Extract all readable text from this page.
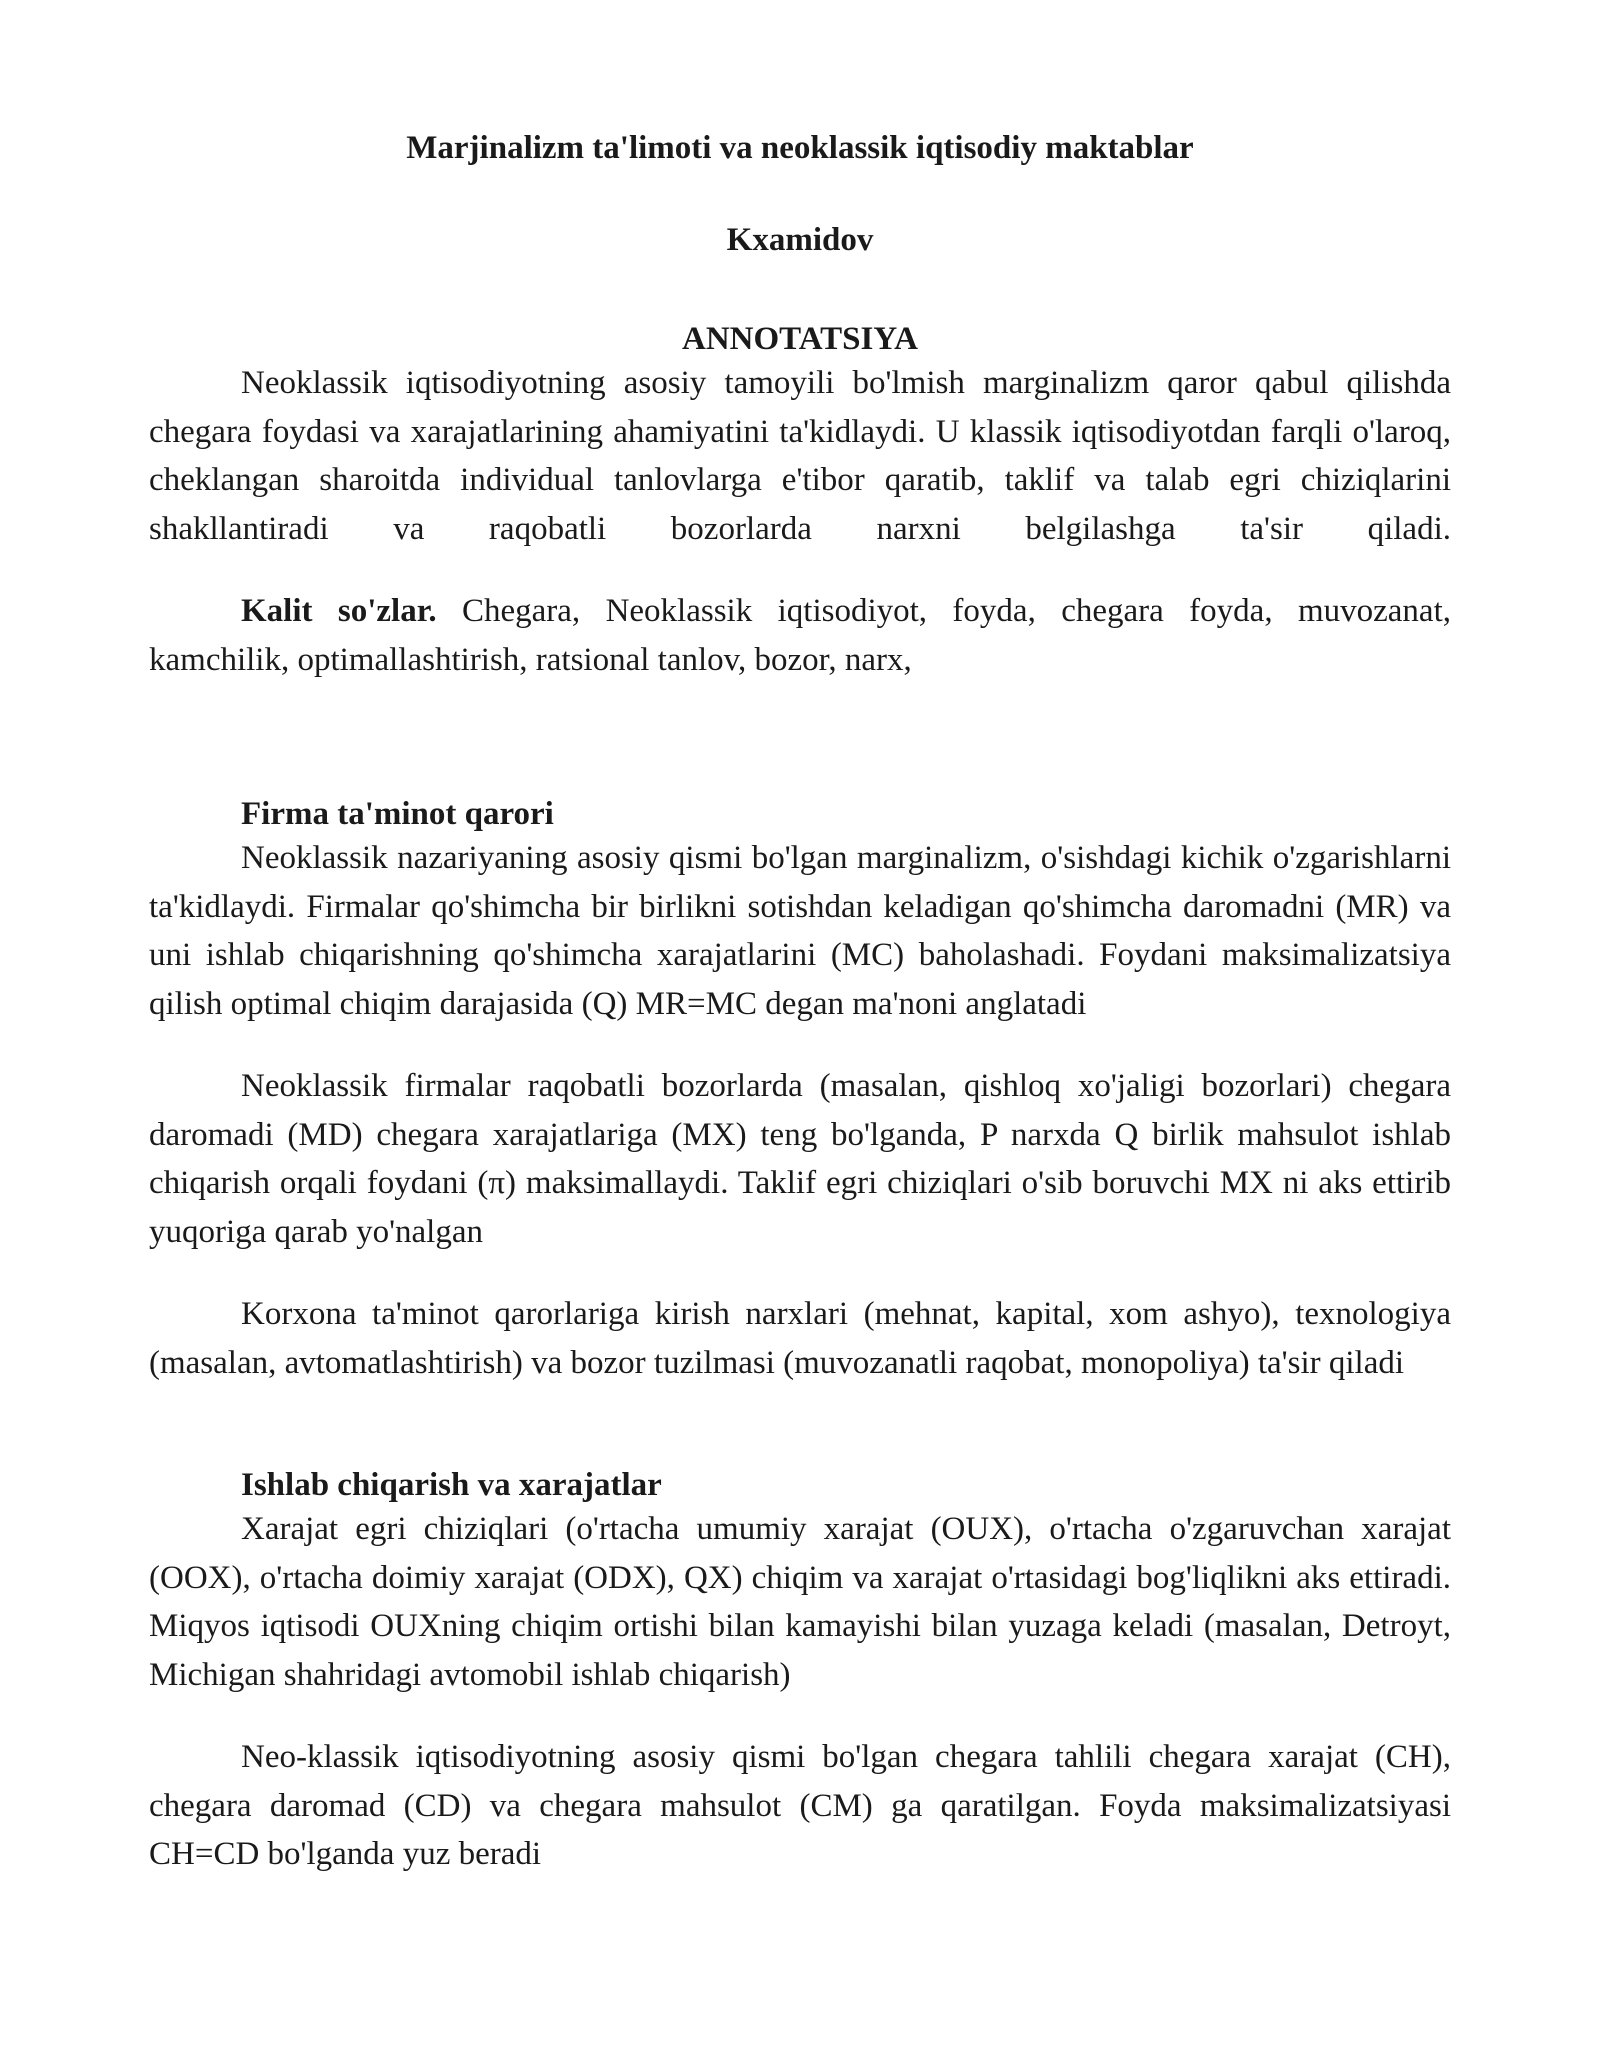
Marjinalizm ta'limoti va neoklassik iqtisodiy maktablar
Kxamidov
ANNOTATSIYA

Neoklassik iqtisodiyotning asosiy tamoyili bo'lmish marginalizm qaror qabul qilishda chegara foydasi va xarajatlarining ahamiyatini ta'kidlaydi. U klassik iqtisodiyotdan farqli o'laroq, cheklangan sharoitda individual tanlovlarga e'tibor qaratib, taklif va talab egri chiziqlarini shakllantiradi va raqobatli bozorlarda narxni belgilashga ta'sir qiladi.

Kalit so'zlar. Chegara, Neoklassik iqtisodiyot, foyda, chegara foyda, muvozanat, kamchilik, optimallashtirish, ratsional tanlov, bozor, narx,

Firma ta'minot qarori

Neoklassik nazariyaning asosiy qismi bo'lgan marginalizm, o'sishdagi kichik o'zgarishlarni ta'kidlaydi. Firmalar qo'shimcha bir birlikni sotishdan keladigan qo'shimcha daromadni (MR) va uni ishlab chiqarishning qo'shimcha xarajatlarini (MC) baholashadi. Foydani maksimalizatsiya qilish optimal chiqim darajasida (Q) MR=MC degan ma'noni anglatadi

Neoklassik firmalar raqobatli bozorlarda (masalan, qishloq xo'jaligi bozorlari) chegara daromadi (MD) chegara xarajatlariga (MX) teng bo'lganda, P narxda Q birlik mahsulot ishlab chiqarish orqali foydani (π) maksimallaydi. Taklif egri chiziqlari o'sib boruvchi MX ni aks ettirib yuqoriga qarab yo'nalgan

Korxona ta'minot qarorlariga kirish narxlari (mehnat, kapital, xom ashyo), texnologiya (masalan, avtomatlashtirish) va bozor tuzilmasi (muvozanatli raqobat, monopoliya) ta'sir qiladi

Ishlab chiqarish va xarajatlar

Xarajat egri chiziqlari (o'rtacha umumiy xarajat (OUX), o'rtacha o'zgaruvchan xarajat (OOX), o'rtacha doimiy xarajat (ODX), QX) chiqim va xarajat o'rtasidagi bog'liqlikni aks ettiradi. Miqyos iqtisodi OUXning chiqim ortishi bilan kamayishi bilan yuzaga keladi (masalan, Detroyt, Michigan shahridagi avtomobil ishlab chiqarish)

Neo-klassik iqtisodiyotning asosiy qismi bo'lgan chegara tahlili chegara xarajat (CH), chegara daromad (CD) va chegara mahsulot (CM) ga qaratilgan. Foyda maksimalizatsiyasi CH=CD bo'lganda yuz beradi
